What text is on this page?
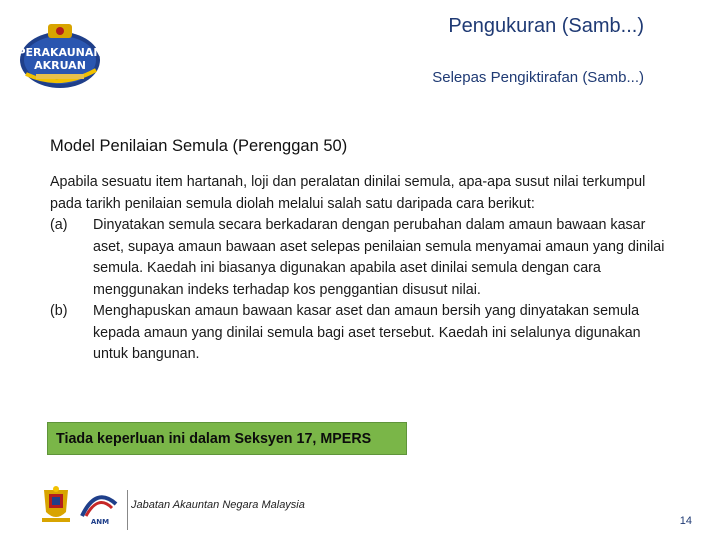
PERAKAUNAN
AKRUAN
Pengukuran (Samb...)
Selepas Pengiktirafan (Samb...)
Model Penilaian Semula (Perenggan 50)

Apabila sesuatu item hartanah, loji dan peralatan dinilai semula, apa-apa susut nilai terkumpul pada tarikh penilaian semula diolah melalui salah satu daripada cara berikut:

(a)	Dinyatakan semula secara berkadaran dengan perubahan dalam amaun bawaan kasar aset, supaya amaun bawaan aset selepas penilaian semula menyamai amaun yang dinilai semula. Kaedah ini biasanya digunakan apabila aset dinilai semula dengan cara menggunakan indeks terhadap kos penggantian disusut nilai.
(b)	Menghapuskan amaun bawaan kasar aset dan amaun bersih yang dinyatakan semula kepada amaun yang dinilai semula bagi aset tersebut. Kaedah ini selalunya digunakan untuk bangunan.
Tiada keperluan ini dalam Seksyen 17, MPERS
ANM
Jabatan Akauntan Negara Malaysia
14
